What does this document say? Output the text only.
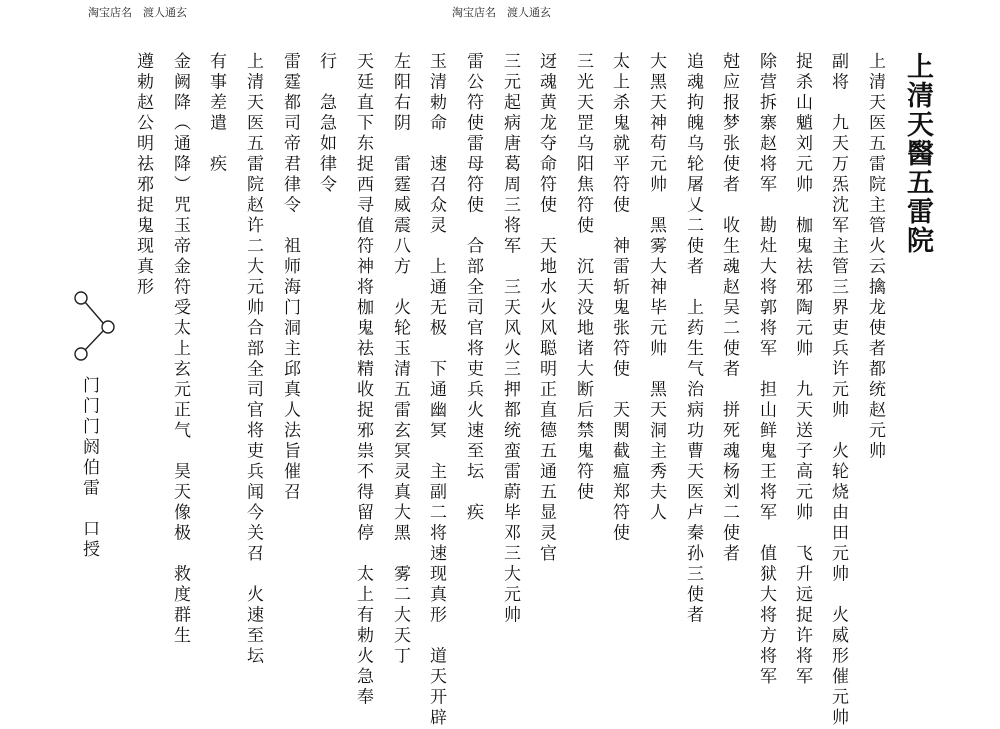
淘宝店名　渡人通玄	淘宝店名　渡人通玄
上清天醫五雷院
上清天医五雷院主管火云擒龙使者都统赵元帅
副将　九天万炁沈军主管三界吏兵许元帅　火轮烧由田元帅　火威形催元帅
捉杀山魈刘元帅　枷鬼祛邪陶元帅　九天送子高元帅　飞升远捉许将军
除营拆寨赵将军　勘灶大将郭将军　担山鲜鬼王将军　值狱大将方将军
尅应报梦张使者　收生魂赵吴二使者　拼死魂杨刘二使者
追魂拘魄乌轮屠乂二使者　上药生气治病功曹天医卢秦孙三使者
大黑天神苟元帅　黑雾大神毕元帅　黑天洞主秀夫人
太上杀鬼就平符使　神雷斩鬼张符使　天関截瘟郑符使
三光天罡乌阳焦符使　沉天没地诸大断后禁鬼符使
迓魂黄龙夺命符使　天地水火风聪明正直德五通五显灵官
三元起病唐葛周三将军　三天风火三押都统蛮雷蔚毕邓三大元帅
雷公符使雷母符使　合部全司官将吏兵火速至坛　疾
玉清勅命　速召众灵　上通无极　下通幽冥　主副二将速现真形　道天开辟
左阳右阴　雷霆威震八方　火轮玉清五雷玄冥灵真大黑　雾二大天丁
天廷直下东捉西寻值符神将枷鬼祛精收捉邪祟不得留停　太上有勅火急奉
行　急急如律令
雷霆都司帝君律令　祖师海门洞主邱真人法旨催召
上清天医五雷院赵许二大元帅合部全司官将吏兵闻今关召　火速至坛
有事差遣　疾
金阙降（通降）咒玉帝金符受太上玄元正气　昊天像极　救度群生
遵勅赵公明祛邪捉鬼现真形
门门门阏伯雷　口授
